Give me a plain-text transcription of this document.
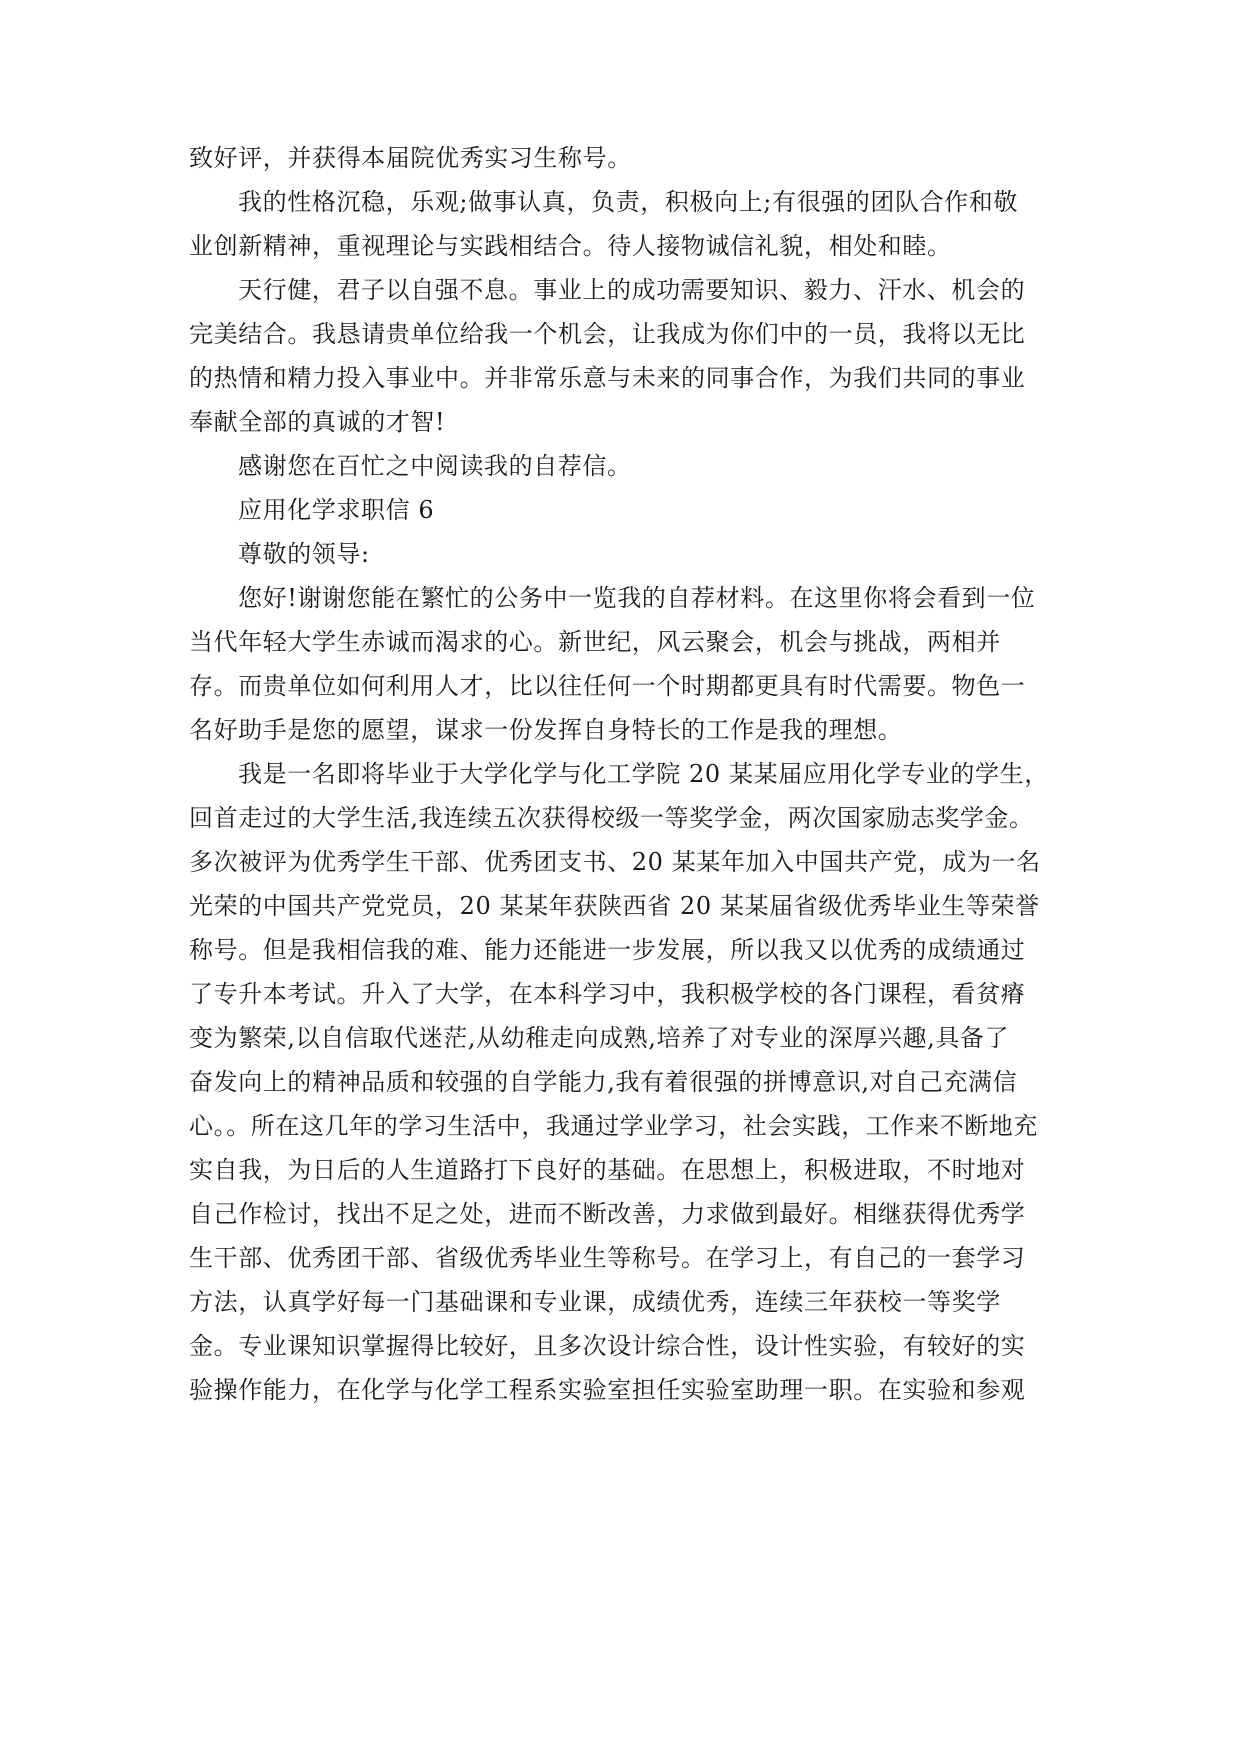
致好评，并获得本届院优秀实习生称号。

我的性格沉稳，乐观;做事认真，负责，积极向上;有很强的团队合作和敬

业创新精神，重视理论与实践相结合。待人接物诚信礼貌，相处和睦。

天行健，君子以自强不息。事业上的成功需要知识、毅力、汗水、机会的

完美结合。我恳请贵单位给我一个机会，让我成为你们中的一员，我将以无比

的热情和精力投入事业中。并非常乐意与未来的同事合作，为我们共同的事业

奉献全部的真诚的才智!

感谢您在百忙之中阅读我的自荐信。

应用化学求职信 6

尊敬的领导:

您好!谢谢您能在繁忙的公务中一览我的自荐材料。在这里你将会看到一位

当代年轻大学生赤诚而渴求的心。新世纪，风云聚会，机会与挑战，两相并

存。而贵单位如何利用人才，比以往任何一个时期都更具有时代需要。物色一

名好助手是您的愿望，谋求一份发挥自身特长的工作是我的理想。

我是一名即将毕业于大学化学与化工学院 20 某某届应用化学专业的学生，

回首走过的大学生活,我连续五次获得校级一等奖学金，两次国家励志奖学金。

多次被评为优秀学生干部、优秀团支书、20 某某年加入中国共产党，成为一名

光荣的中国共产党党员，20 某某年获陕西省 20 某某届省级优秀毕业生等荣誉

称号。但是我相信我的难、能力还能进一步发展，所以我又以优秀的成绩通过

了专升本考试。升入了大学，在本科学习中，我积极学校的各门课程，看贫瘠

变为繁荣,以自信取代迷茫,从幼稚走向成熟,培养了对专业的深厚兴趣,具备了

奋发向上的精神品质和较强的自学能力,我有着很强的拼博意识,对自己充满信

心。。所在这几年的学习生活中，我通过学业学习，社会实践，工作来不断地充

实自我，为日后的人生道路打下良好的基础。在思想上，积极进取，不时地对

自己作检讨，找出不足之处，进而不断改善，力求做到最好。相继获得优秀学

生干部、优秀团干部、省级优秀毕业生等称号。在学习上，有自己的一套学习

方法，认真学好每一门基础课和专业课，成绩优秀，连续三年获校一等奖学

金。专业课知识掌握得比较好，且多次设计综合性，设计性实验，有较好的实

验操作能力，在化学与化学工程系实验室担任实验室助理一职。在实验和参观
